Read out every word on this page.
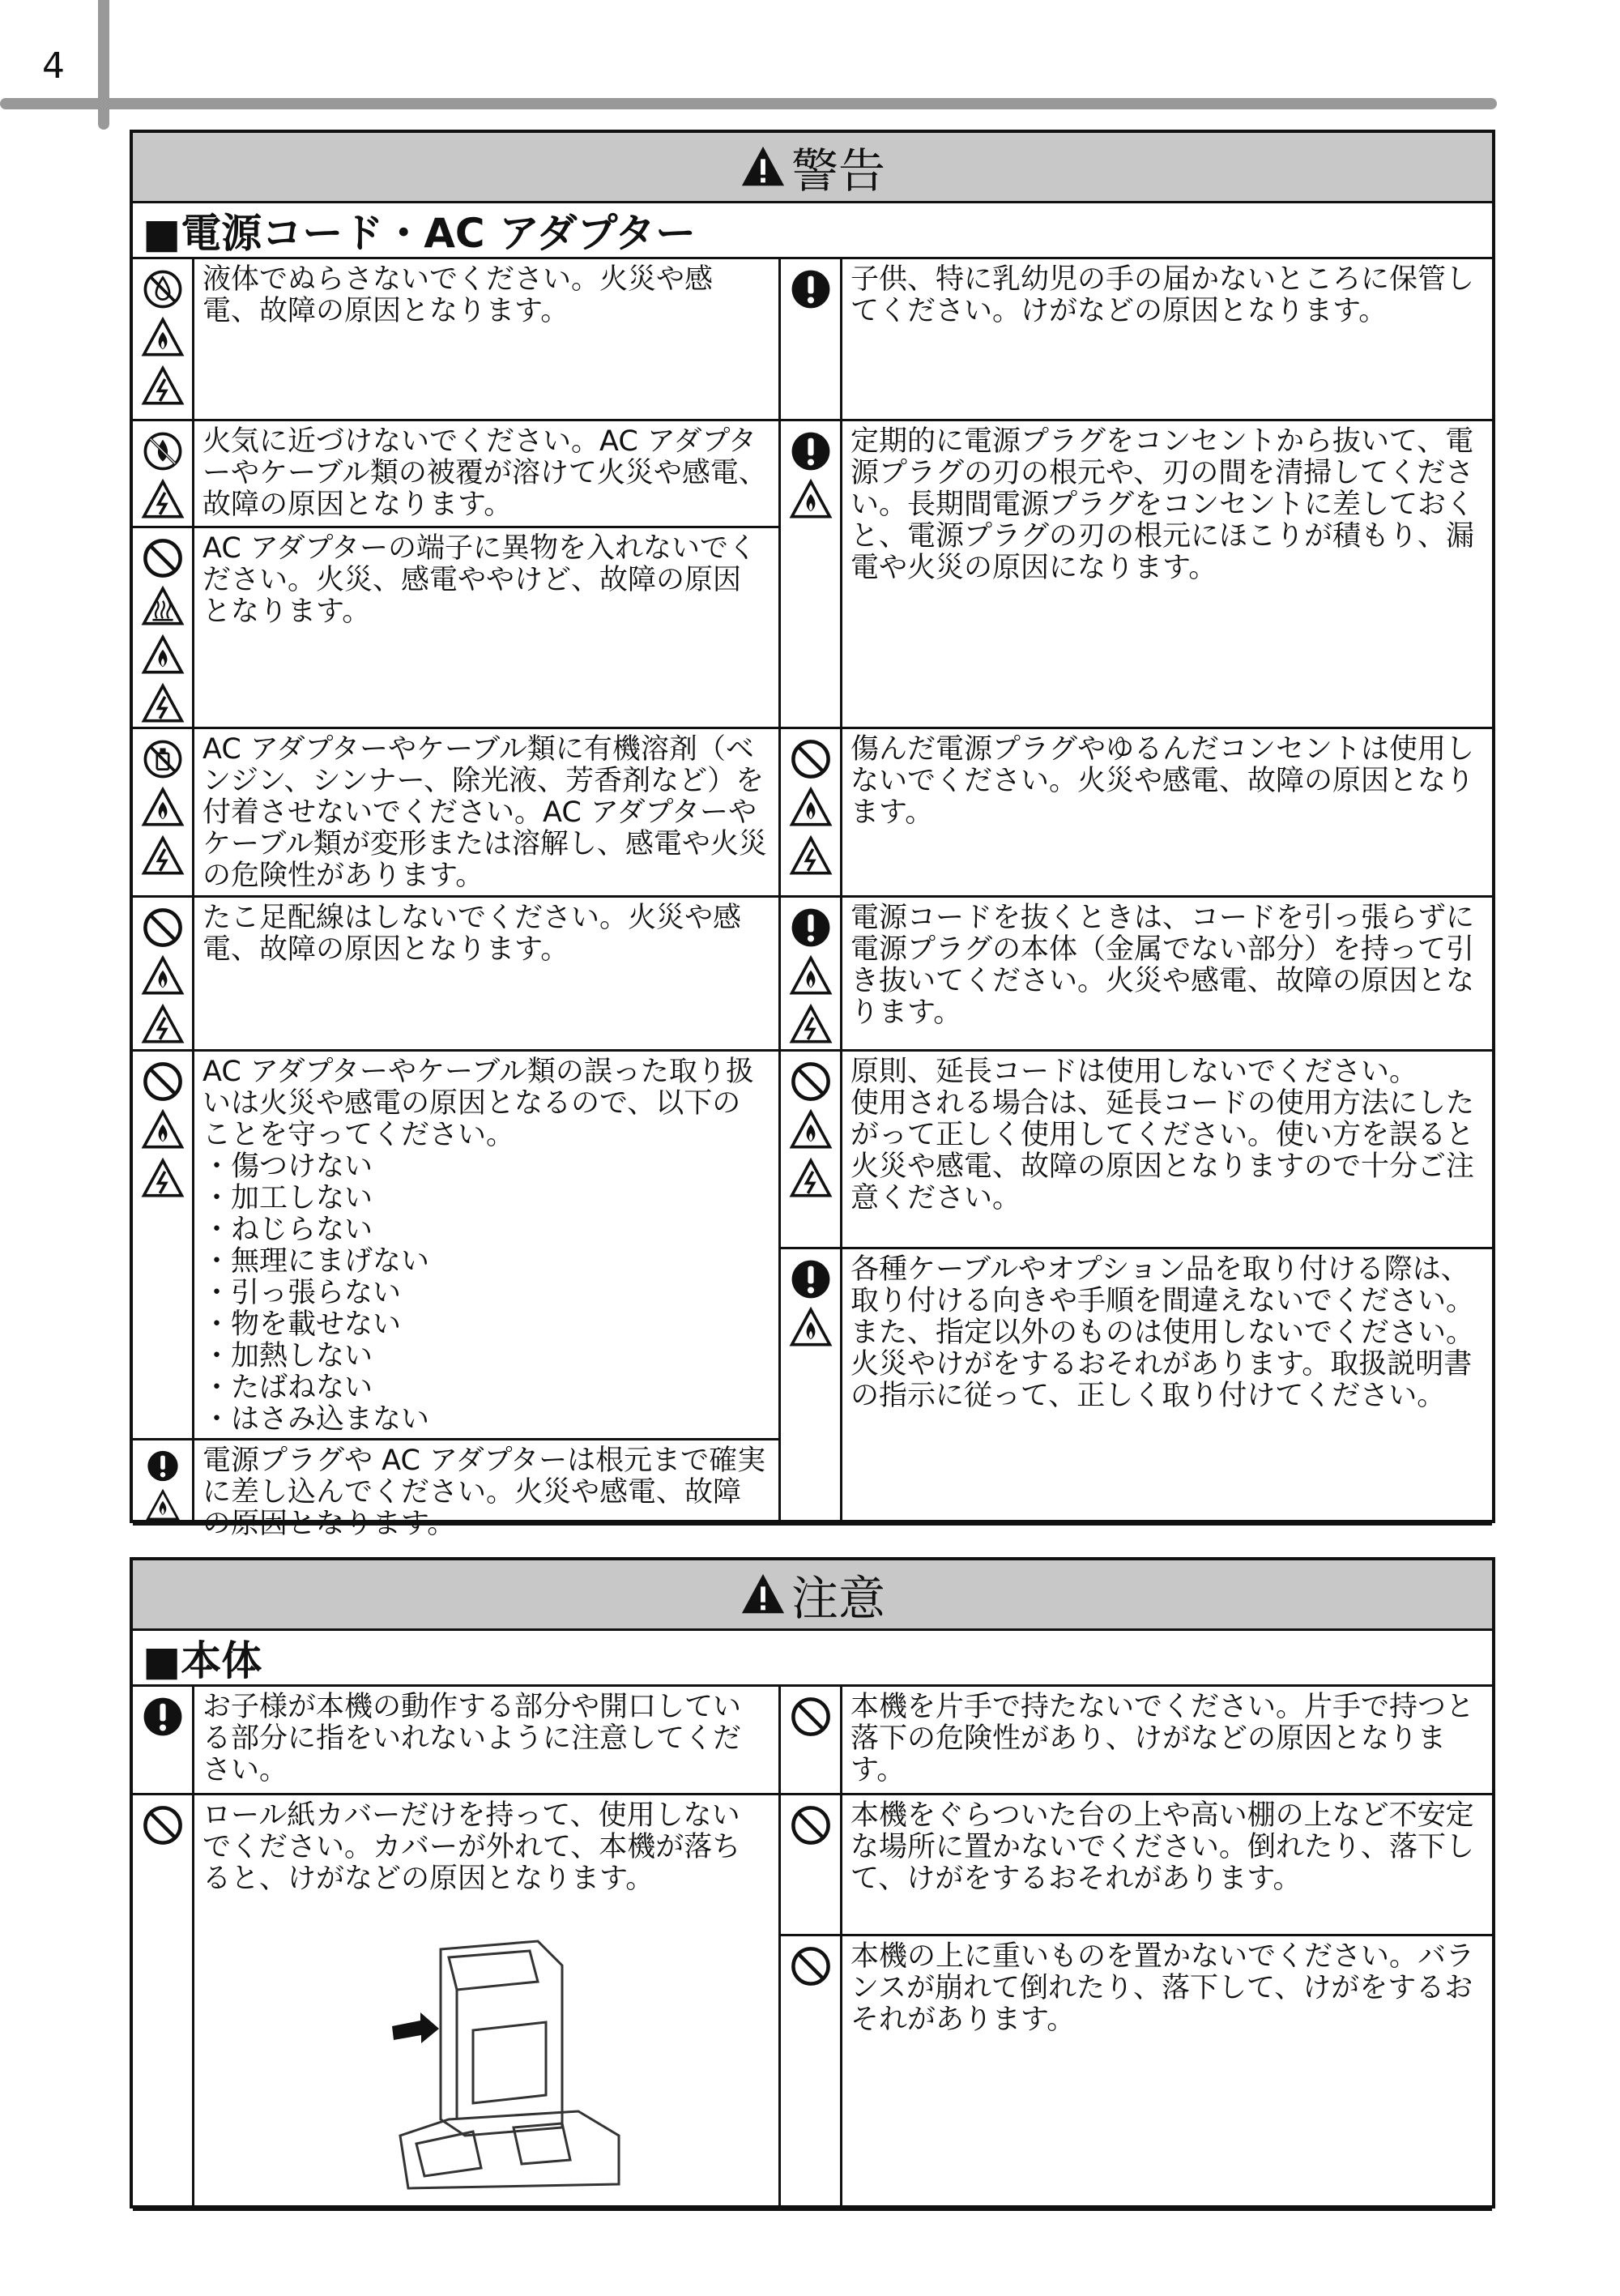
4
警告
■電源コード・AC アダプター
液体でぬらさないでください。火災や感電、故障の原因となります。
子供、特に乳幼児の手の届かないところに保管してください。けがなどの原因となります。
火気に近づけないでください。AC アダプターやケーブル類の被覆が溶けて火災や感電、故障の原因となります。
定期的に電源プラグをコンセントから抜いて、電源プラグの刃の根元や、刃の間を清掃してください。長期間電源プラグをコンセントに差しておくと、電源プラグの刃の根元にほこりが積もり、漏電や火災の原因になります。
AC アダプターの端子に異物を入れないでください。火災、感電ややけど、故障の原因となります。
AC アダプターやケーブル類に有機溶剤（ベンジン、シンナー、除光液、芳香剤など）を付着させないでください。AC アダプターやケーブル類が変形または溶解し、感電や火災の危険性があります。
傷んだ電源プラグやゆるんだコンセントは使用しないでください。火災や感電、故障の原因となります。
たこ足配線はしないでください。火災や感電、故障の原因となります。
電源コードを抜くときは、コードを引っ張らずに電源プラグの本体（金属でない部分）を持って引き抜いてください。火災や感電、故障の原因となります。
AC アダプターやケーブル類の誤った取り扱いは火災や感電の原因となるので、以下のことを守ってください。
・傷つけない
・加工しない
・ねじらない
・無理にまげない
・引っ張らない
・物を載せない
・加熱しない
・たばねない
・はさみ込まない
原則、延長コードは使用しないでください。
使用される場合は、延長コードの使用方法にしたがって正しく使用してください。使い方を誤ると火災や感電、故障の原因となりますので十分ご注意ください。
各種ケーブルやオプション品を取り付ける際は、取り付ける向きや手順を間違えないでください。
また、指定以外のものは使用しないでください。火災やけがをするおそれがあります。取扱説明書の指示に従って、正しく取り付けてください。
電源プラグや AC アダプターは根元まで確実に差し込んでください。火災や感電、故障の原因となります。
注意
■本体
お子様が本機の動作する部分や開口している部分に指をいれないように注意してください。
本機を片手で持たないでください。片手で持つと落下の危険性があり、けがなどの原因となります。
ロール紙カバーだけを持って、使用しないでください。カバーが外れて、本機が落ちると、けがなどの原因となります。
本機をぐらついた台の上や高い棚の上など不安定な場所に置かないでください。倒れたり、落下して、けがをするおそれがあります。
本機の上に重いものを置かないでください。バランスが崩れて倒れたり、落下して、けがをするおそれがあります。
